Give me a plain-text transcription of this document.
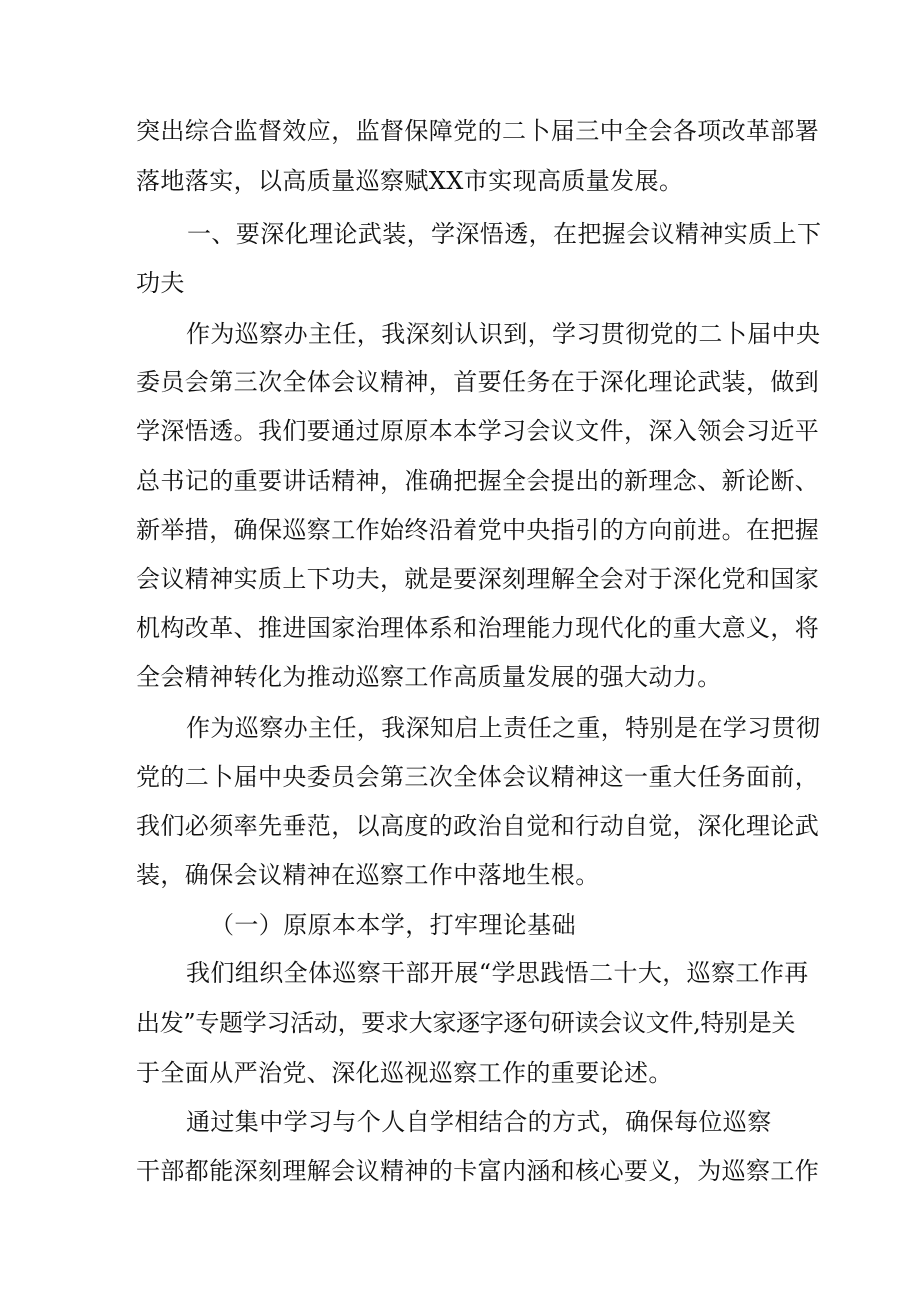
突出综合监督效应，监督保障党的二卜届三中全会各项改革部署
落地落实，以高质量巡察赋XX市实现高质量发展。
一、要深化理论武装，学深悟透，在把握会议精神实质上下
功夫
作为巡察办主任，我深刻认识到，学习贯彻党的二卜届中央
委员会第三次全体会议精神，首要任务在于深化理论武装，做到
学深悟透。我们要通过原原本本学习会议文件，深入领会习近平
总书记的重要讲话精神，准确把握全会提出的新理念、新论断、
新举措，确保巡察工作始终沿着党中央指引的方向前进。在把握
会议精神实质上下功夫，就是要深刻理解全会对于深化党和国家
机构改革、推进国家治理体系和治理能力现代化的重大意义，将
全会精神转化为推动巡察工作高质量发展的强大动力。
作为巡察办主任，我深知启上责任之重，特别是在学习贯彻
党的二卜届中央委员会第三次全体会议精神这一重大任务面前，
我们必须率先垂范，以高度的政治自觉和行动自觉，深化理论武
装，确保会议精神在巡察工作中落地生根。
（一）原原本本学，打牢理论基础
我们组织全体巡察干部开展“学思践悟二十大，巡察工作再
出发”专题学习活动，要求大家逐字逐句研读会议文件,特别是关
于全面从严治党、深化巡视巡察工作的重要论述。
通过集中学习与个人自学相结合的方式，确保每位巡察
干部都能深刻理解会议精神的卡富内涵和核心要义，为巡察工作
